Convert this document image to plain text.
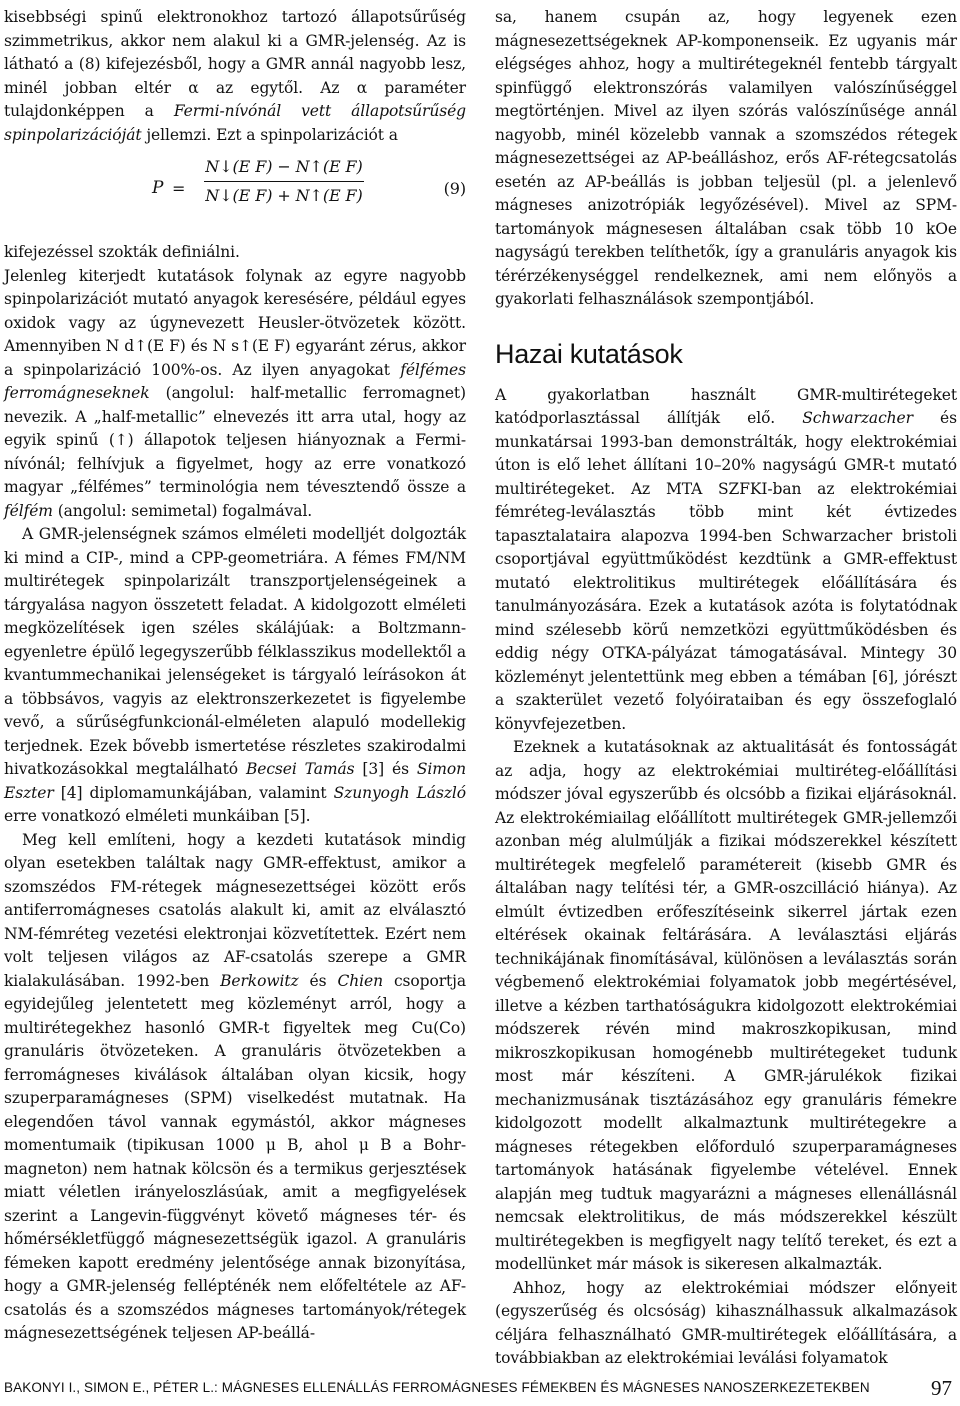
kisebbségi spinű elektronokhoz tartozó állapotsűrűség szimmetrikus, akkor nem alakul ki a GMR-jelenség. Az is látható a (8) kifejezésből, hogy a GMR annál nagyobb lesz, minél jobban eltér α az egytől. Az α paraméter tulajdonképpen a Fermi-nívónál vett állapotsűrűség spinpolarizációját jellemzi. Ezt a spinpolarizációt a

P =
N↓(E F) − N↑(E F)
N↓(E F) + N↑(E F)	(9)

kifejezéssel szokták definiálni.

Jelenleg kiterjedt kutatások folynak az egyre nagyobb spinpolarizációt mutató anyagok keresésére, például egyes oxidok vagy az úgynevezett Heusler-ötvözetek között. Amennyiben N d↑(E F) és N s↑(E F) egyaránt zérus, akkor a spinpolarizáció 100%-os. Az ilyen anyagokat félfémes ferromágneseknek (angolul: half-metallic ferromagnet) nevezik. A „half-metallic” elnevezés itt arra utal, hogy az egyik spinű (↑) állapotok teljesen hiányoznak a Fermi-nívónál; felhívjuk a figyelmet, hogy az erre vonatkozó magyar „félfémes” terminológia nem tévesztendő össze a félfém (angolul: semimetal) fogalmával.

A GMR-jelenségnek számos elméleti modelljét dolgozták ki mind a CIP-, mind a CPP-geometriára. A fémes FM/NM multirétegek spinpolarizált transzportjelenségeinek a tárgyalása nagyon összetett feladat. A kidolgozott elméleti megközelítések igen széles skálájúak: a Boltzmann-egyenletre épülő legegyszerűbb félklasszikus modellektől a kvantummechanikai jelenségeket is tárgyaló leírásokon át a többsávos, vagyis az elektronszerkezetet is figyelembe vevő, a sűrűségfunkcionál-elméleten alapuló modellekig terjednek. Ezek bővebb ismertetése részletes szakirodalmi hivatkozásokkal megtalálható Becsei Tamás [3] és Simon Eszter [4] diplomamunkájában, valamint Szunyogh László erre vonatkozó elméleti munkáiban [5].

Meg kell említeni, hogy a kezdeti kutatások mindig olyan esetekben találtak nagy GMR-effektust, amikor a szomszédos FM-rétegek mágnesezettségei között erős antiferromágneses csatolás alakult ki, amit az elválasztó NM-fémréteg vezetési elektronjai közvetítettek. Ezért nem volt teljesen világos az AF-csatolás szerepe a GMR kialakulásában. 1992-ben Berkowitz és Chien csoportja egyidejűleg jelentetett meg közleményt arról, hogy a multirétegekhez hasonló GMR-t figyeltek meg Cu(Co) granuláris ötvözeteken. A granuláris ötvözetekben a ferromágneses kiválások általában olyan kicsik, hogy szuperparamágneses (SPM) viselkedést mutatnak. Ha elegendően távol vannak egymástól, akkor mágneses momentumaik (tipikusan 1000 μ B, ahol μ B a Bohr-magneton) nem hatnak kölcsön és a termikus gerjesztések miatt véletlen irányeloszlásúak, amit a megfigyelések szerint a Langevin-függvényt követő mágneses tér- és hőmérsékletfüggő mágnesezettségük igazol. A granuláris fémeken kapott eredmény jelentősége annak bizonyítása, hogy a GMR-jelenség fellépténék nem előfeltétele az AF-csatolás és a szomszédos mágneses tartományok/rétegek mágnesezettségének teljesen AP-beállá-

sa, hanem csupán az, hogy legyenek ezen mágnesezettségeknek AP-komponenseik. Ez ugyanis már elégséges ahhoz, hogy a multirétegeknél fentebb tárgyalt spinfüggő elektronszórás valamilyen valószínűséggel megtörténjen. Mivel az ilyen szórás valószínűsége annál nagyobb, minél közelebb vannak a szomszédos rétegek mágnesezettségei az AP-beálláshoz, erős AF-rétegcsatolás esetén az AP-beállás is jobban teljesül (pl. a jelenlevő mágneses anizotrópiák legyőzésével). Mivel az SPM-tartományok mágnesesen általában csak több 10 kOe nagyságú terekben telíthetők, így a granuláris anyagok kis térérzékenységgel rendelkeznek, ami nem előnyös a gyakorlati felhasználások szempontjából.

Hazai kutatások

A gyakorlatban használt GMR-multirétegeket katódporlasztással állítják elő. Schwarzacher és munkatársai 1993-ban demonstrálták, hogy elektrokémiai úton is elő lehet állítani 10–20% nagyságú GMR-t mutató multirétegeket. Az MTA SZFKI-ban az elektrokémiai fémréteg-leválasztás több mint két évtizedes tapasztalataira alapozva 1994-ben Schwarzacher bristoli csoportjával együttműködést kezdtünk a GMR-effektust mutató elektrolitikus multirétegek előállítására és tanulmányozására. Ezek a kutatások azóta is folytatódnak mind szélesebb körű nemzetközi együttműködésben és eddig négy OTKA-pályázat támogatásával. Mintegy 30 közleményt jelentettünk meg ebben a témában [6], jórészt a szakterület vezető folyóirataiban és egy összefoglaló könyvfejezetben.

Ezeknek a kutatásoknak az aktualitását és fontosságát az adja, hogy az elektrokémiai multiréteg-előállítási módszer jóval egyszerűbb és olcsóbb a fizikai eljárásoknál. Az elektrokémiailag előállított multirétegek GMR-jellemzői azonban még alulmúlják a fizikai módszerekkel készített multirétegek megfelelő paramétereit (kisebb GMR és általában nagy telítési tér, a GMR-oszcilláció hiánya). Az elmúlt évtizedben erőfeszítéseink sikerrel jártak ezen eltérések okainak feltárására. A leválasztási eljárás technikájának finomításával, különösen a leválasztás során végbemenő elektrokémiai folyamatok jobb megértésével, illetve a kézben tarthatóságukra kidolgozott elektrokémiai módszerek révén mind makroszkopikusan, mind mikroszkopikusan homogénebb multirétegeket tudunk most már készíteni. A GMR-járulékok fizikai mechanizmusának tisztázásához egy granuláris fémekre kidolgozott modellt alkalmaztunk multirétegekre a mágneses rétegekben előforduló szuperparamágneses tartományok hatásának figyelembe vételével. Ennek alapján meg tudtuk magyarázni a mágneses ellenállásnál nemcsak elektrolitikus, de más módszerekkel készült multirétegekben is megfigyelt nagy telítő tereket, és ezt a modellünket már mások is sikeresen alkalmazták.

Ahhoz, hogy az elektrokémiai módszer előnyeit (egyszerűség és olcsóság) kihasználhassuk alkalmazások céljára felhasználható GMR-multirétegek előállítására, a továbbiakban az elektrokémiai leválási folyamatok

BAKONYI I., SIMON E., PÉTER L.: MÁGNESES ELLENÁLLÁS FERROMÁGNESES FÉMEKBEN ÉS MÁGNESES NANOSZERKEZETEKBEN	97
